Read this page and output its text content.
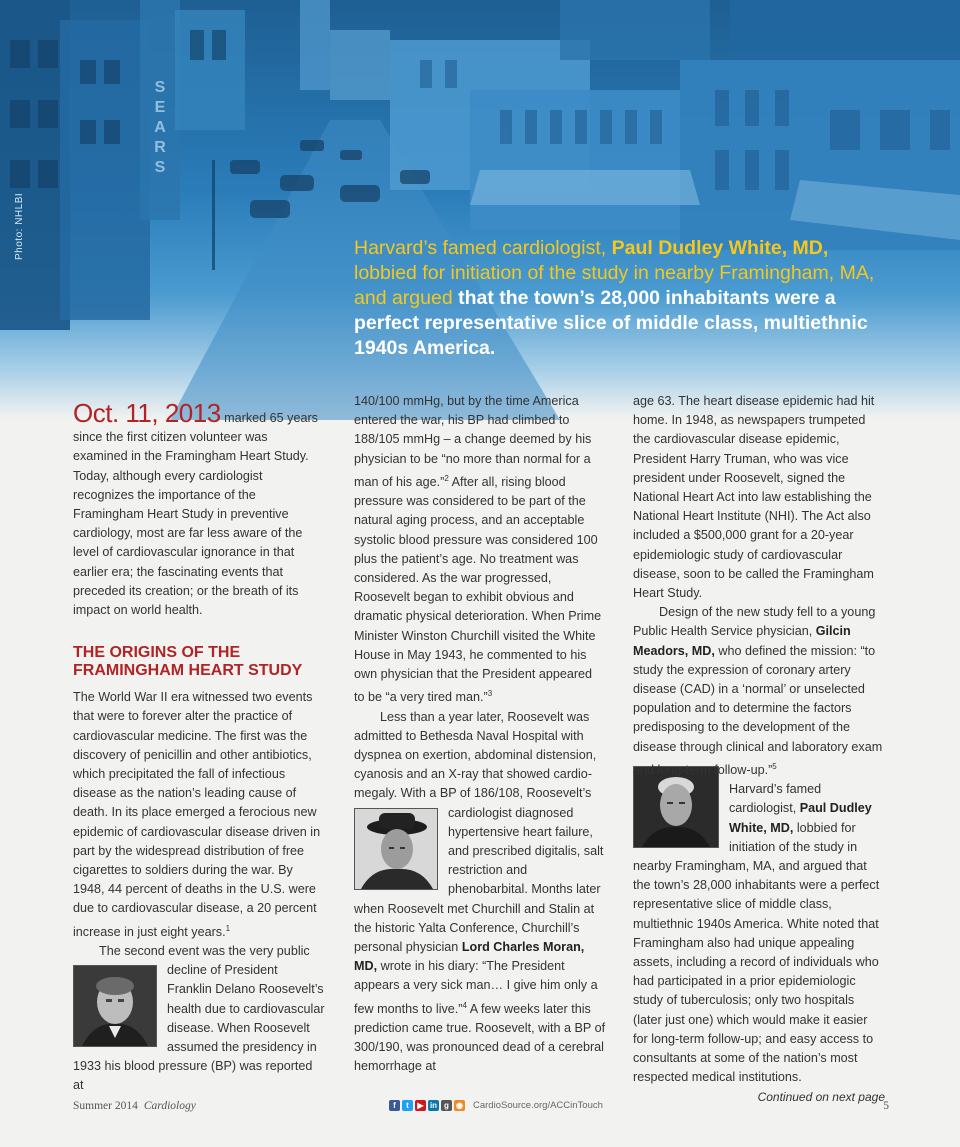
SEARS
Photo: NHLBI	Harvard’s famed cardiologist, Paul Dudley White, MD, lobbied for initiation of the study in nearby Framingham, MA, and argued that the town’s 28,000 inhabitants were a perfect representative slice of middle class, multiethnic 1940s America.

Oct. 11, 2013 marked 65 years since the first citizen volunteer was examined in the Framingham Heart Study. Today, although every cardiologist recognizes the importance of the Framingham Heart Study in preventive cardiology, most are far less aware of the level of cardiovascular ignorance in that earlier era; the fascinating events that preceded its creation; or the breath of its impact on world health.

THE ORIGINS OF THE FRAMINGHAM HEART STUDY

The World War II era witnessed two events that were to forever alter the practice of cardiovascular medicine. The first was the discovery of penicillin and other antibiotics, which precipitated the fall of infectious disease as the nation’s leading cause of death. In its place emerged a ferocious new epidemic of cardiovascular disease driven in part by the widespread distribution of free cigarettes to soldiers during the war. By 1948, 44 percent of deaths in the U.S. were due to cardiovascular disease, a 20 percent increase in just eight years.$^1$

The second event was the very public

decline of President Franklin Delano Roosevelt’s health due to cardiovascular disease. When Roosevelt assumed the presidency in 1933 his blood pressure (BP) was reported at

140/100 mmHg, but by the time America entered the war, his BP had climbed to 188/105 mmHg – a change deemed by his physician to be “no more than normal for a man of his age.”$^2$ After all, rising blood pressure was considered to be part of the natural aging process, and an acceptable systolic blood pressure was considered 100 plus the patient’s age. No treatment was considered. As the war progressed, Roosevelt began to exhibit obvious and dramatic physical deterioration. When Prime Minister Winston Churchill visited the White House in May 1943, he commented to his own physician that the President appeared to be “a very tired man.”$^3$

Less than a year later, Roosevelt was admitted to Bethesda Naval Hospital with dyspnea on exertion, abdominal distension, cyanosis and an X-ray that showed cardiomegaly. With a BP of 186/108, Roosevelt’s

cardiologist diagnosed hypertensive heart failure, and prescribed digitalis, salt restriction and phenobarbital. Months later when Roosevelt met Churchill and Stalin at the historic Yalta Conference, Churchill’s personal physician Lord Charles Moran, MD, wrote in his diary: “The President appears a very sick man… I give him only a few months to live.”$^4$ A few weeks later this prediction came true. Roosevelt, with a BP of 300/190, was pronounced dead of a cerebral hemorrhage at

age 63. The heart disease epidemic had hit home. In 1948, as newspapers trumpeted the cardiovascular disease epidemic, President Harry Truman, who was vice president under Roosevelt, signed the National Heart Act into law establishing the National Heart Institute (NHI). The Act also included a $500,000 grant for a 20-year epidemiologic study of cardiovascular disease, soon to be called the Framingham Heart Study.

Design of the new study fell to a young Public Health Service physician, Gilcin Meadors, MD, who defined the mission: “to study the expression of coronary artery disease (CAD) in a ‘normal’ or unselected population and to determine the factors predisposing to the development of the disease through clinical and laboratory exam and long-term follow-up.”$^5$

Harvard’s famed cardiologist, Paul Dudley White, MD, lobbied for initiation of the study in nearby Framingham, MA, and argued that the town’s 28,000 inhabitants were a perfect representative slice of middle class, multiethnic 1940s America. White noted that Framingham also had unique appealing assets, including a record of individuals who had participated in a prior epidemiologic study of tuberculosis; only two hospitals (later just one) which would make it easier for long-term follow-up; and easy access to consultants at some of the nation’s most respected medical institutions.

Continued on next page

Summer 2014 Cardiology	f	t	▶ in g ◉ CardioSource.org/ACCinTouch	5
